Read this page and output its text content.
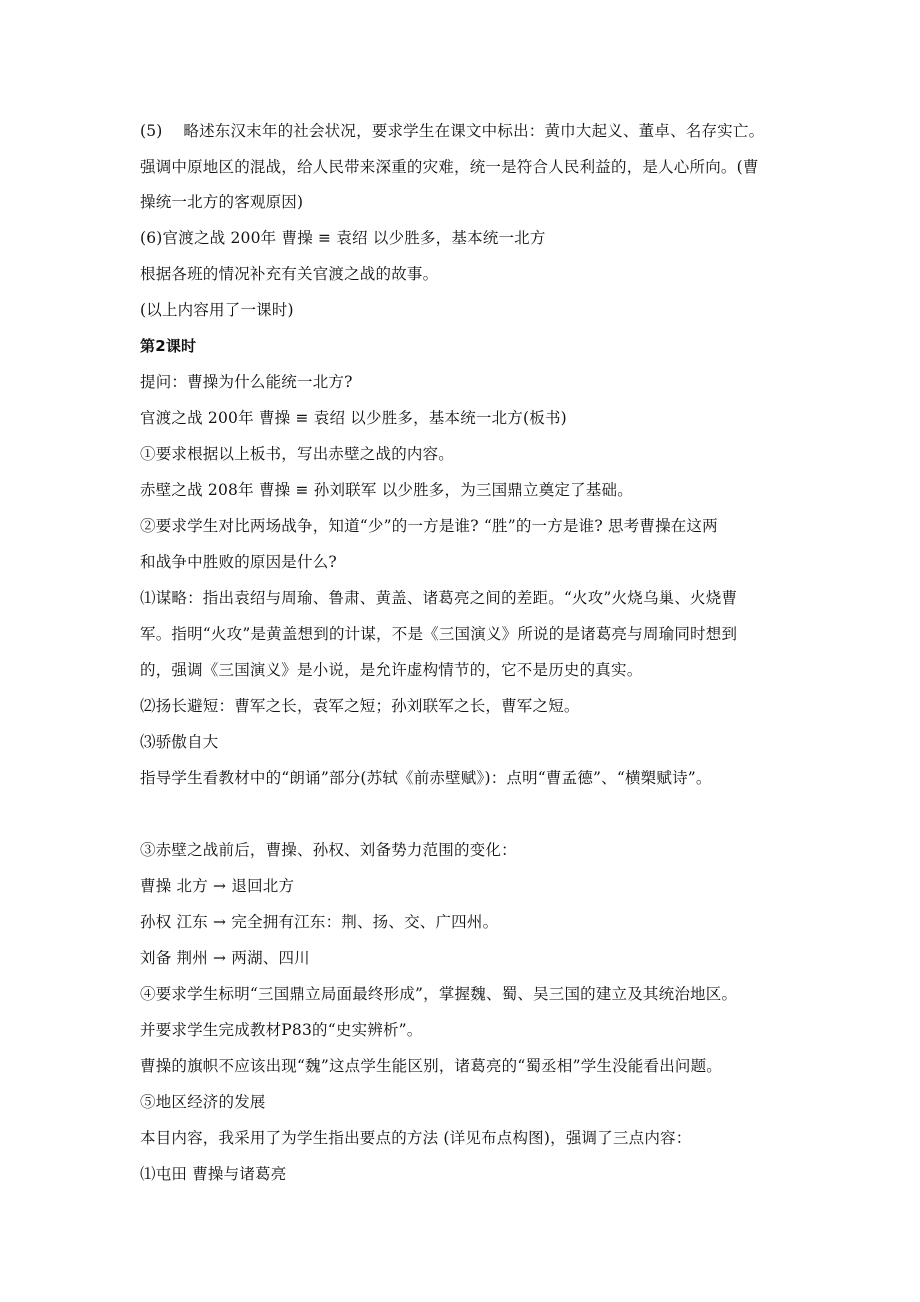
(5)　 略述东汉末年的社会状况，要求学生在课文中标出：黄巾大起义、董卓、名存实亡。
强调中原地区的混战，给人民带来深重的灾难，统一是符合人民利益的，是人心所向。(曹
操统一北方的客观原因)
(6)官渡之战 200年 曹操 ≡ 袁绍 以少胜多，基本统一北方
根据各班的情况补充有关官渡之战的故事。
(以上内容用了一课时)
第2课时
提问：曹操为什么能统一北方?
官渡之战 200年 曹操 ≡ 袁绍 以少胜多，基本统一北方(板书)
①要求根据以上板书，写出赤壁之战的内容。
赤壁之战 208年 曹操 ≡ 孙刘联军 以少胜多，为三国鼎立奠定了基础。
②要求学生对比两场战争，知道“少”的一方是谁? “胜”的一方是谁? 思考曹操在这两
和战争中胜败的原因是什么?
⑴谋略：指出袁绍与周瑜、鲁肃、黄盖、诸葛亮之间的差距。“火攻”火烧乌巢、火烧曹
军。指明“火攻”是黄盖想到的计谋，不是《三国演义》所说的是诸葛亮与周瑜同时想到
的，强调《三国演义》是小说，是允许虚构情节的，它不是历史的真实。
⑵扬长避短：曹军之长，袁军之短；孙刘联军之长，曹军之短。
⑶骄傲自大
指导学生看教材中的“朗诵”部分(苏轼《前赤壁赋》)：点明“曹孟德”、“横槊赋诗”。
③赤壁之战前后，曹操、孙权、刘备势力范围的变化：
曹操 北方 → 退回北方
孙权 江东 → 完全拥有江东：荆、扬、交、广四州。
刘备 荆州 → 两湖、四川
④要求学生标明“三国鼎立局面最终形成”，掌握魏、蜀、吴三国的建立及其统治地区。
并要求学生完成教材P83的“史实辨析”。
曹操的旗帜不应该出现“魏”这点学生能区别，诸葛亮的“蜀丞相”学生没能看出问题。
⑤地区经济的发展
本目内容，我采用了为学生指出要点的方法 (详见布点构图)，强调了三点内容：
⑴屯田 曹操与诸葛亮
